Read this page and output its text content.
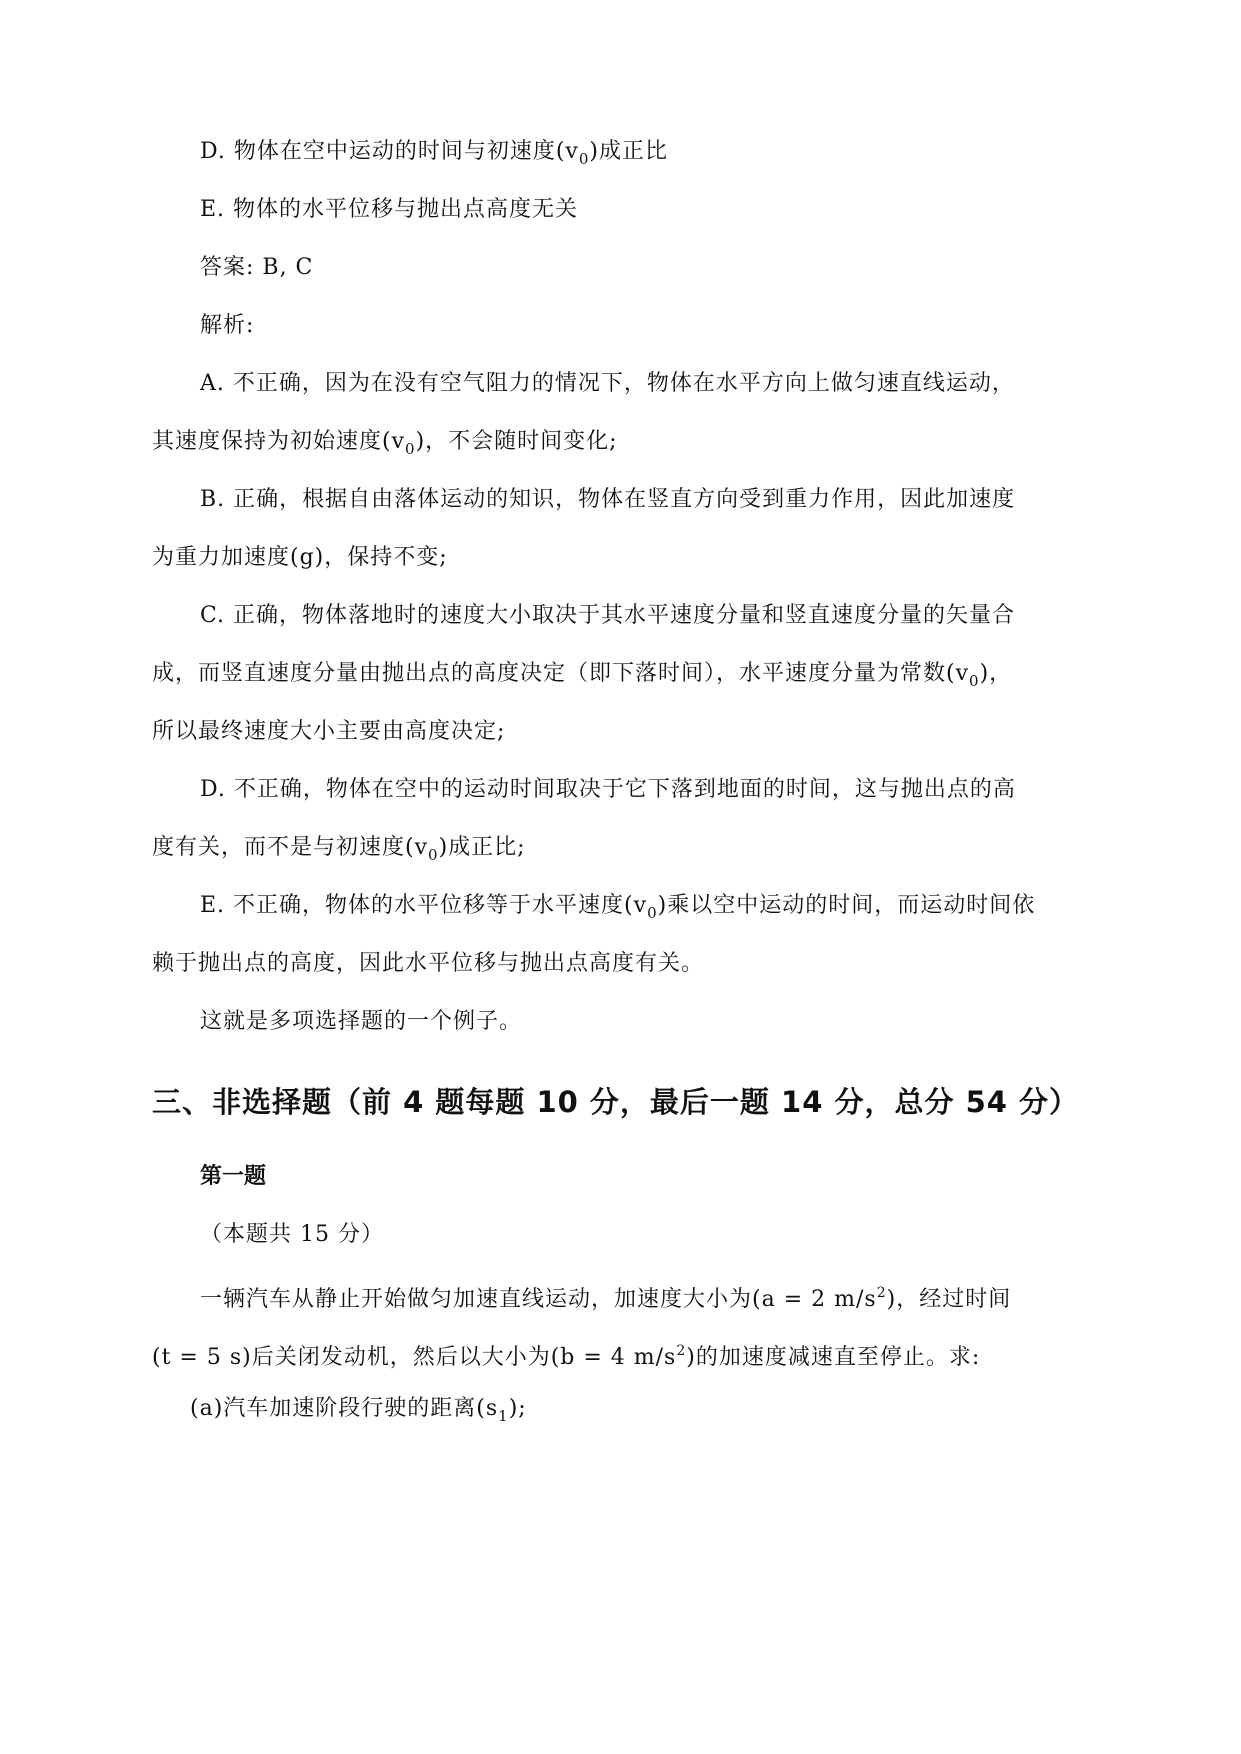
D. 物体在空中运动的时间与初速度$(v_0)$成正比
E. 物体的水平位移与抛出点高度无关
答案: B, C
解析:
A. 不正确，因为在没有空气阻力的情况下，物体在水平方向上做匀速直线运动，
其速度保持为初始速度$(v_0)$，不会随时间变化;
B. 正确，根据自由落体运动的知识，物体在竖直方向受到重力作用，因此加速度
为重力加速度(g)，保持不变;
C. 正确，物体落地时的速度大小取决于其水平速度分量和竖直速度分量的矢量合
成，而竖直速度分量由抛出点的高度决定（即下落时间），水平速度分量为常数$(v_0)$，
所以最终速度大小主要由高度决定;
D. 不正确，物体在空中的运动时间取决于它下落到地面的时间，这与抛出点的高
度有关，而不是与初速度$(v_0)$成正比;
E. 不正确，物体的水平位移等于水平速度$(v_0)$乘以空中运动的时间，而运动时间依
赖于抛出点的高度，因此水平位移与抛出点高度有关。
这就是多项选择题的一个例子。
三、非选择题（前 4 题每题 10 分，最后一题 14 分，总分 54 分）
第一题
（本题共 15 分）
一辆汽车从静止开始做匀加速直线运动，加速度大小为(a = 2 $m/s^2$)，经过时间
(t = 5 s)后关闭发动机，然后以大小为(b = 4 $m/s^2$)的加速度减速直至停止。求:
(a)汽车加速阶段行驶的距离$(s_1)$;
